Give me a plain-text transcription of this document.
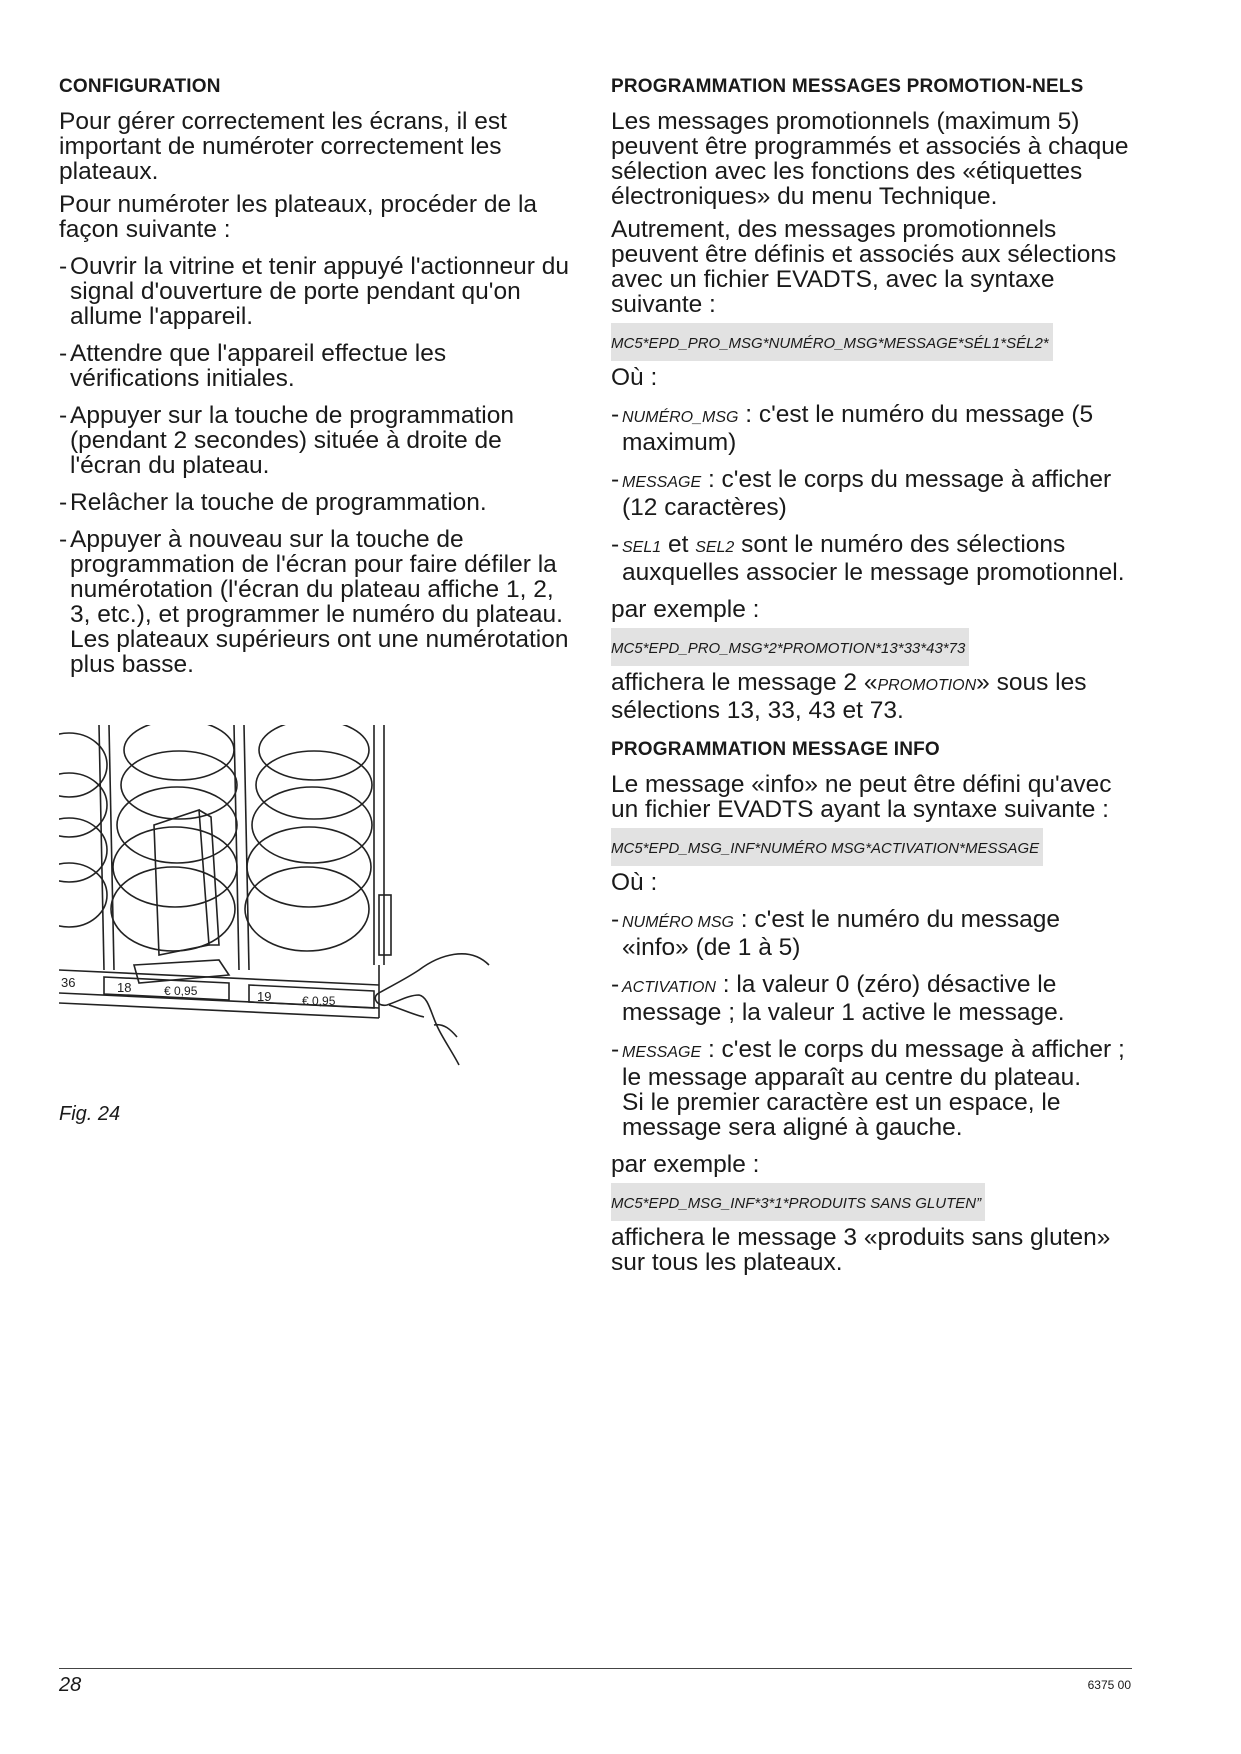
CONFIGURATION

Pour gérer correctement les écrans, il est important de numéroter correctement les plateaux.

Pour numéroter les plateaux, procéder de la façon suivante :

- Ouvrir la vitrine et tenir appuyé l'actionneur du signal d'ouverture de porte pendant qu'on allume l'appareil.
- Attendre que l'appareil effectue les vérifications initiales.
- Appuyer sur la touche de programmation (pendant 2 secondes) située à droite de l'écran du plateau.
- Relâcher la touche de programmation.
- Appuyer à nouveau sur la touche de programmation de l'écran pour faire défiler la numérotation (l'écran du plateau affiche 1, 2, 3, etc.), et programmer le numéro du plateau.
Les plateaux supérieurs ont une numérotation plus basse.
36	18	€ 0,95	19	€ 0,95
Fig. 24
PROGRAMMATION MESSAGES PROMOTION-NELS

Les messages promotionnels (maximum 5) peuvent être programmés et associés à chaque sélection avec les fonctions des «étiquettes électroniques» du menu Technique.

Autrement, des messages promotionnels peuvent être définis et associés aux sélections avec un fichier EVADTS, avec la syntaxe suivante :

MC5*EPD_PRO_MSG*NUMÉRO_MSG*MESSAGE*SÉL1*SÉL2*

Où :

- NUMÉRO_MSG : c'est le numéro du message (5 maximum)
- MESSAGE : c'est le corps du message à afficher (12 caractères)
- SEL1 et SEL2 sont le numéro des sélections auxquelles associer le message promotionnel.

par exemple :

MC5*EPD_PRO_MSG*2*PROMOTION*13*33*43*73

affichera le message 2 «PROMOTION» sous les sélections 13, 33, 43 et 73.

PROGRAMMATION MESSAGE INFO

Le message «info» ne peut être défini qu'avec un fichier EVADTS ayant la syntaxe suivante :

MC5*EPD_MSG_INF*NUMÉRO MSG*ACTIVATION*MESSAGE

Où :

- NUMÉRO MSG : c'est le numéro du message «info» (de 1 à 5)
- ACTIVATION : la valeur 0 (zéro) désactive le message ; la valeur 1 active le message.
- MESSAGE : c'est le corps du message à afficher ; le message apparaît au centre du plateau.
Si le premier caractère est un espace, le message sera aligné à gauche.

par exemple :

MC5*EPD_MSG_INF*3*1*PRODUITS SANS GLUTEN”

affichera le message 3 «produits sans gluten» sur tous les plateaux.

28	6375 00
